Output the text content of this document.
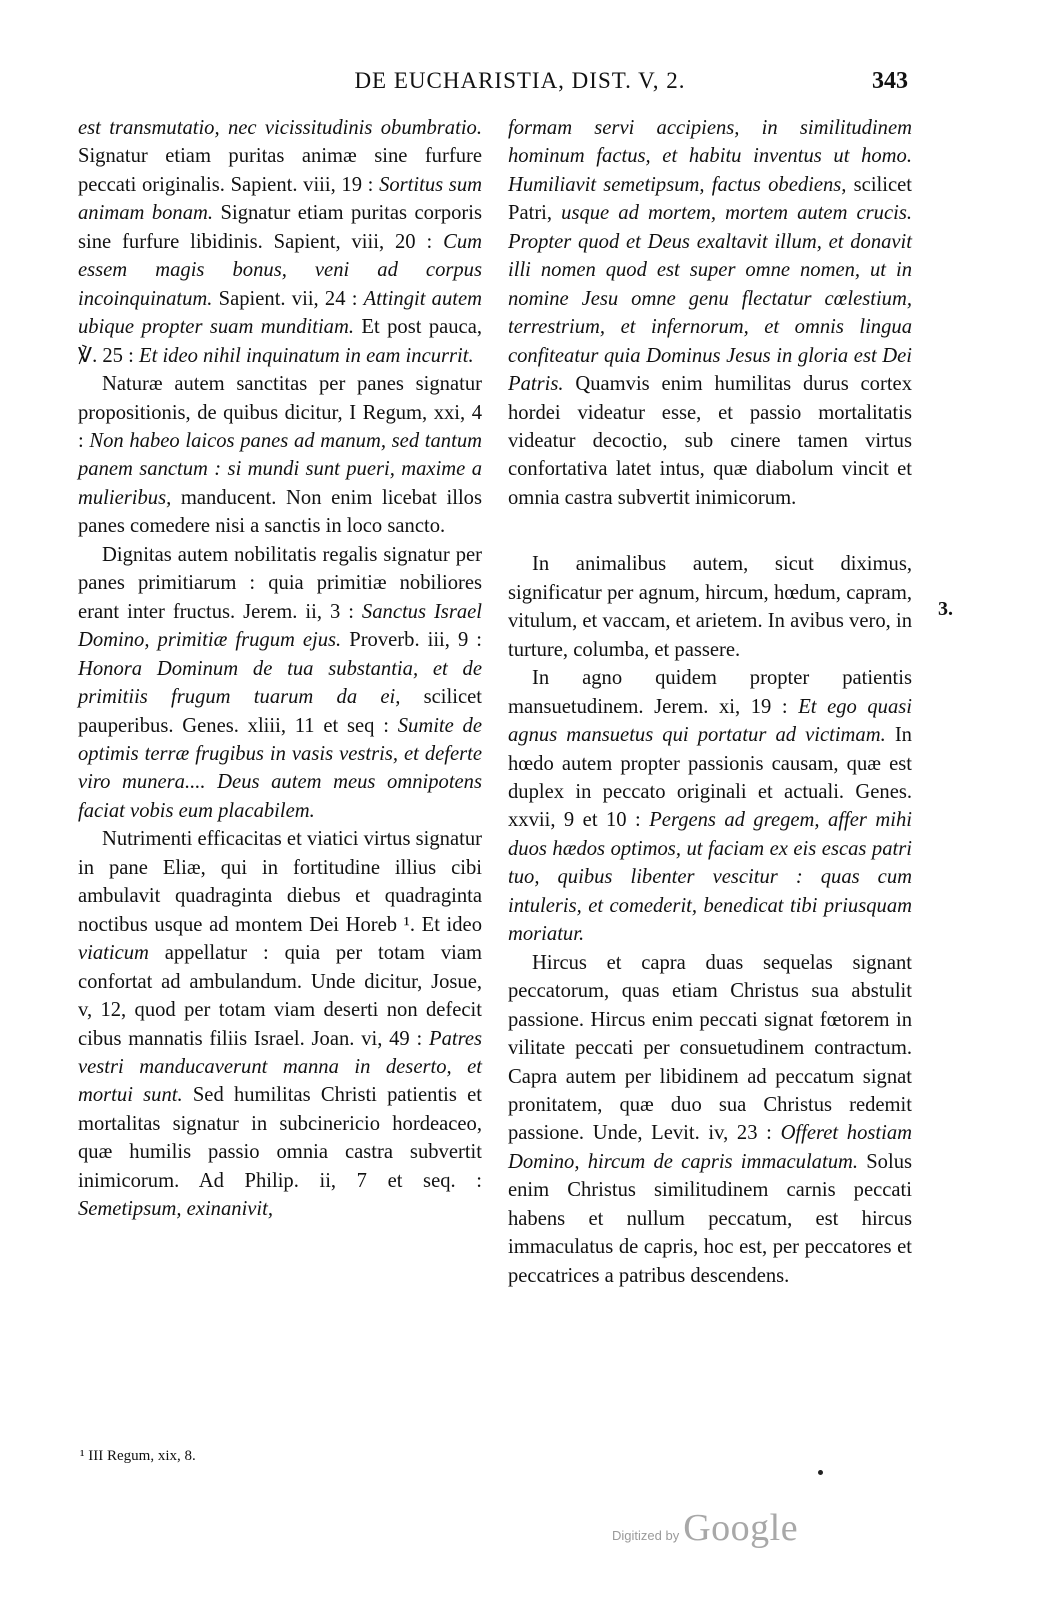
DE EUCHARISTIA, DIST. V, 2.	343

est transmutatio, nec vicissitudinis obumbratio. Signatur etiam puritas animæ sine furfure peccati originalis. Sapient. viii, 19 : Sortitus sum animam bonam. Signatur etiam puritas corporis sine furfure libidinis. Sapient, viii, 20 : Cum essem magis bonus, veni ad corpus incoinquinatum. Sapient. vii, 24 : Attingit autem ubique propter suam munditiam. Et post pauca, ℣. 25 : Et ideo nihil inquinatum in eam incurrit.

Naturæ autem sanctitas per panes signatur propositionis, de quibus dicitur, I Regum, xxi, 4 : Non habeo laicos panes ad manum, sed tantum panem sanctum : si mundi sunt pueri, maxime a mulieribus, manducent. Non enim licebat illos panes comedere nisi a sanctis in loco sancto.

Dignitas autem nobilitatis regalis signatur per panes primitiarum : quia primitiæ nobiliores erant inter fructus. Jerem. ii, 3 : Sanctus Israel Domino, primitiæ frugum ejus. Proverb. iii, 9 : Honora Dominum de tua substantia, et de primitiis frugum tuarum da ei, scilicet pauperibus. Genes. xliii, 11 et seq : Sumite de optimis terræ frugibus in vasis vestris, et deferte viro munera.... Deus autem meus omnipotens faciat vobis eum placabilem.

Nutrimenti efficacitas et viatici virtus signatur in pane Eliæ, qui in fortitudine illius cibi ambulavit quadraginta diebus et quadraginta noctibus usque ad montem Dei Horeb ¹. Et ideo viaticum appellatur : quia per totam viam confortat ad ambulandum. Unde dicitur, Josue, v, 12, quod per totam viam deserti non defecit cibus mannatis filiis Israel. Joan. vi, 49 : Patres vestri manducaverunt manna in deserto, et mortui sunt. Sed humilitas Christi patientis et mortalitas signatur in subcinericio hordeaceo, quæ humilis passio omnia castra subvertit inimicorum. Ad Philip. ii, 7 et seq. : Semetipsum, exinanivit,

formam servi accipiens, in similitudinem hominum factus, et habitu inventus ut homo. Humiliavit semetipsum, factus obediens, scilicet Patri, usque ad mortem, mortem autem crucis. Propter quod et Deus exaltavit illum, et donavit illi nomen quod est super omne nomen, ut in nomine Jesu omne genu flectatur cœlestium, terrestrium, et infernorum, et omnis lingua confiteatur quia Dominus Jesus in gloria est Dei Patris. Quamvis enim humilitas durus cortex hordei videatur esse, et passio mortalitatis videatur decoctio, sub cinere tamen virtus confortativa latet intus, quæ diabolum vincit et omnia castra subvertit inimicorum.

In animalibus autem, sicut diximus, significatur per agnum, hircum, hœdum, capram, vitulum, et vaccam, et arietem. In avibus vero, in turture, columba, et passere.

In agno quidem propter patientis mansuetudinem. Jerem. xi, 19 : Et ego quasi agnus mansuetus qui portatur ad victimam. In hœdo autem propter passionis causam, quæ est duplex in peccato originali et actuali. Genes. xxvii, 9 et 10 : Pergens ad gregem, affer mihi duos hædos optimos, ut faciam ex eis escas patri tuo, quibus libenter vescitur : quas cum intuleris, et comederit, benedicat tibi priusquam moriatur.

Hircus et capra duas sequelas signant peccatorum, quas etiam Christus sua abstulit passione. Hircus enim peccati signat fœtorem in vilitate peccati per consuetudinem contractum. Capra autem per libidinem ad peccatum signat pronitatem, quæ duo sua Christus redemit passione. Unde, Levit. iv, 23 : Offeret hostiam Domino, hircum de capris immaculatum. Solus enim Christus similitudinem carnis peccati habens et nullum peccatum, est hircus immaculatus de capris, hoc est, per peccatores et peccatrices a patribus descendens.

3.
¹ III Regum, xix, 8.
Digitized by Google
